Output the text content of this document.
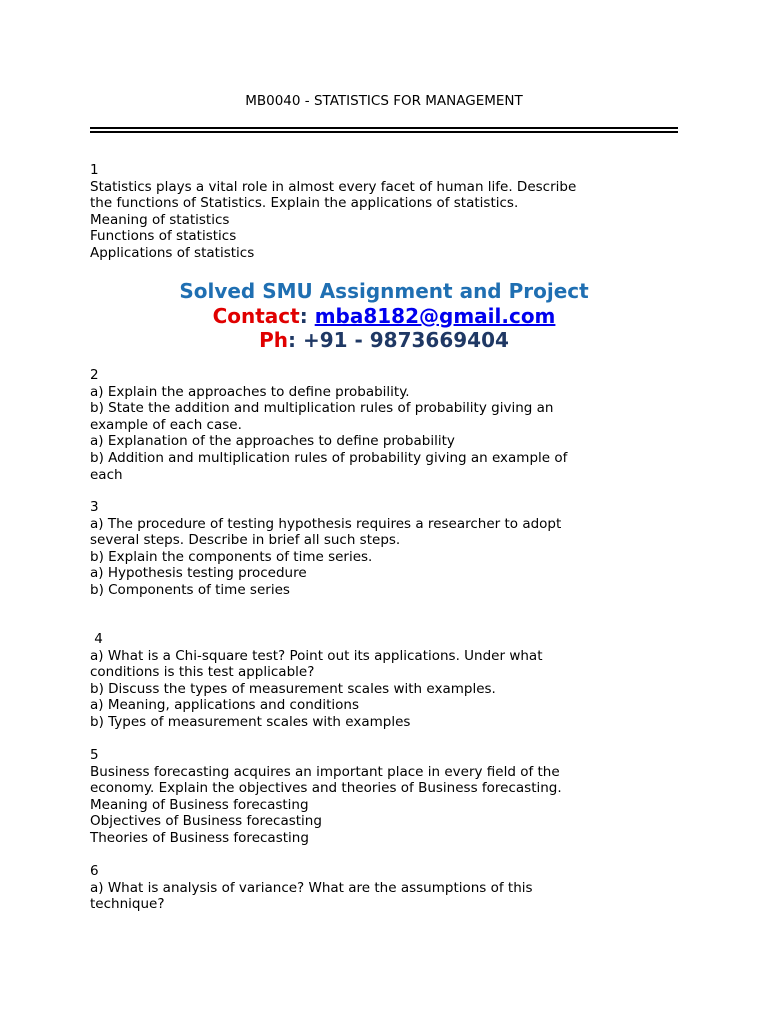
MB0040 - STATISTICS FOR MANAGEMENT
1
Statistics plays a vital role in almost every facet of human life. Describe
the functions of Statistics. Explain the applications of statistics.
Meaning of statistics
Functions of statistics
Applications of statistics
Solved SMU Assignment and Project
Contact: mba8182@gmail.com
Ph: +91 - 9873669404
2
a) Explain the approaches to define probability.
b) State the addition and multiplication rules of probability giving an
example of each case.
a) Explanation of the approaches to define probability
b) Addition and multiplication rules of probability giving an example of
each
3
a) The procedure of testing hypothesis requires a researcher to adopt
several steps. Describe in brief all such steps.
b) Explain the components of time series.
a) Hypothesis testing procedure
b) Components of time series
4
a) What is a Chi-square test? Point out its applications. Under what
conditions is this test applicable?
b) Discuss the types of measurement scales with examples.
a) Meaning, applications and conditions
b) Types of measurement scales with examples
5
Business forecasting acquires an important place in every field of the
economy. Explain the objectives and theories of Business forecasting.
Meaning of Business forecasting
Objectives of Business forecasting
Theories of Business forecasting
6
a) What is analysis of variance? What are the assumptions of this
technique?
